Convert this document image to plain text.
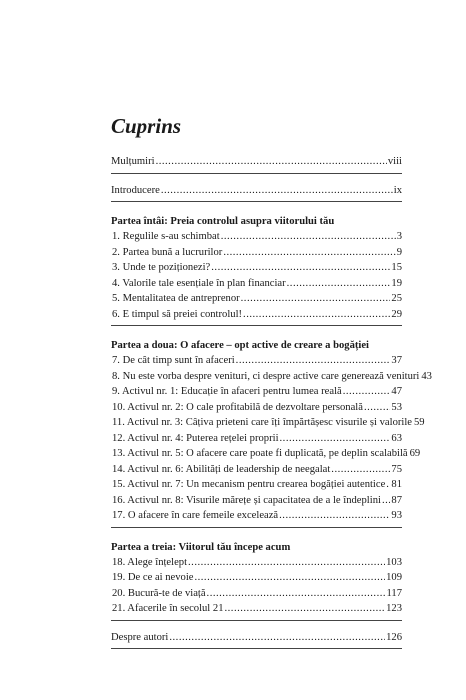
Cuprins
Mulțumiri .....	viii
Introducere .....	ix
Partea întâi: Preia controlul asupra viitorului tău
1. Regulile s-au schimbat .....	3
2. Partea bună a lucrurilor .....	9
3. Unde te poziționezi? .....	15
4. Valorile tale esențiale în plan financiar .....	19
5. Mentalitatea de antreprenor .....	25
6. E timpul să preiei controlul! .....	29
Partea a doua: O afacere – opt active de creare a bogăției
7. De cât timp sunt în afaceri .....	37
8. Nu este vorba despre venituri, ci despre active care generează venituri 43
9. Activul nr. 1: Educație în afaceri pentru lumea reală .....	47
10. Activul nr. 2: O cale profitabilă de dezvoltare personală .....	53
11. Activul nr. 3: Câțiva prieteni care îți împărtășesc visurile și valorile 59
12. Activul nr. 4: Puterea rețelei proprii .....	63
13. Activul nr. 5: O afacere care poate fi duplicată, pe deplin scalabilă 69
14. Activul nr. 6: Abilități de leadership de neegalat .....	75
15. Activul nr. 7: Un mecanism pentru crearea bogăției autentice ..... 81
16. Activul nr. 8: Visurile mărețe și capacitatea de a le îndeplini ..... 87
17. O afacere în care femeile excelează .....	93
Partea a treia: Viitorul tău începe acum
18. Alege înțelept .....	103
19. De ce ai nevoie .....	109
20. Bucură-te de viață .....	117
21. Afacerile în secolul 21 .....	123
Despre autori .....	126
